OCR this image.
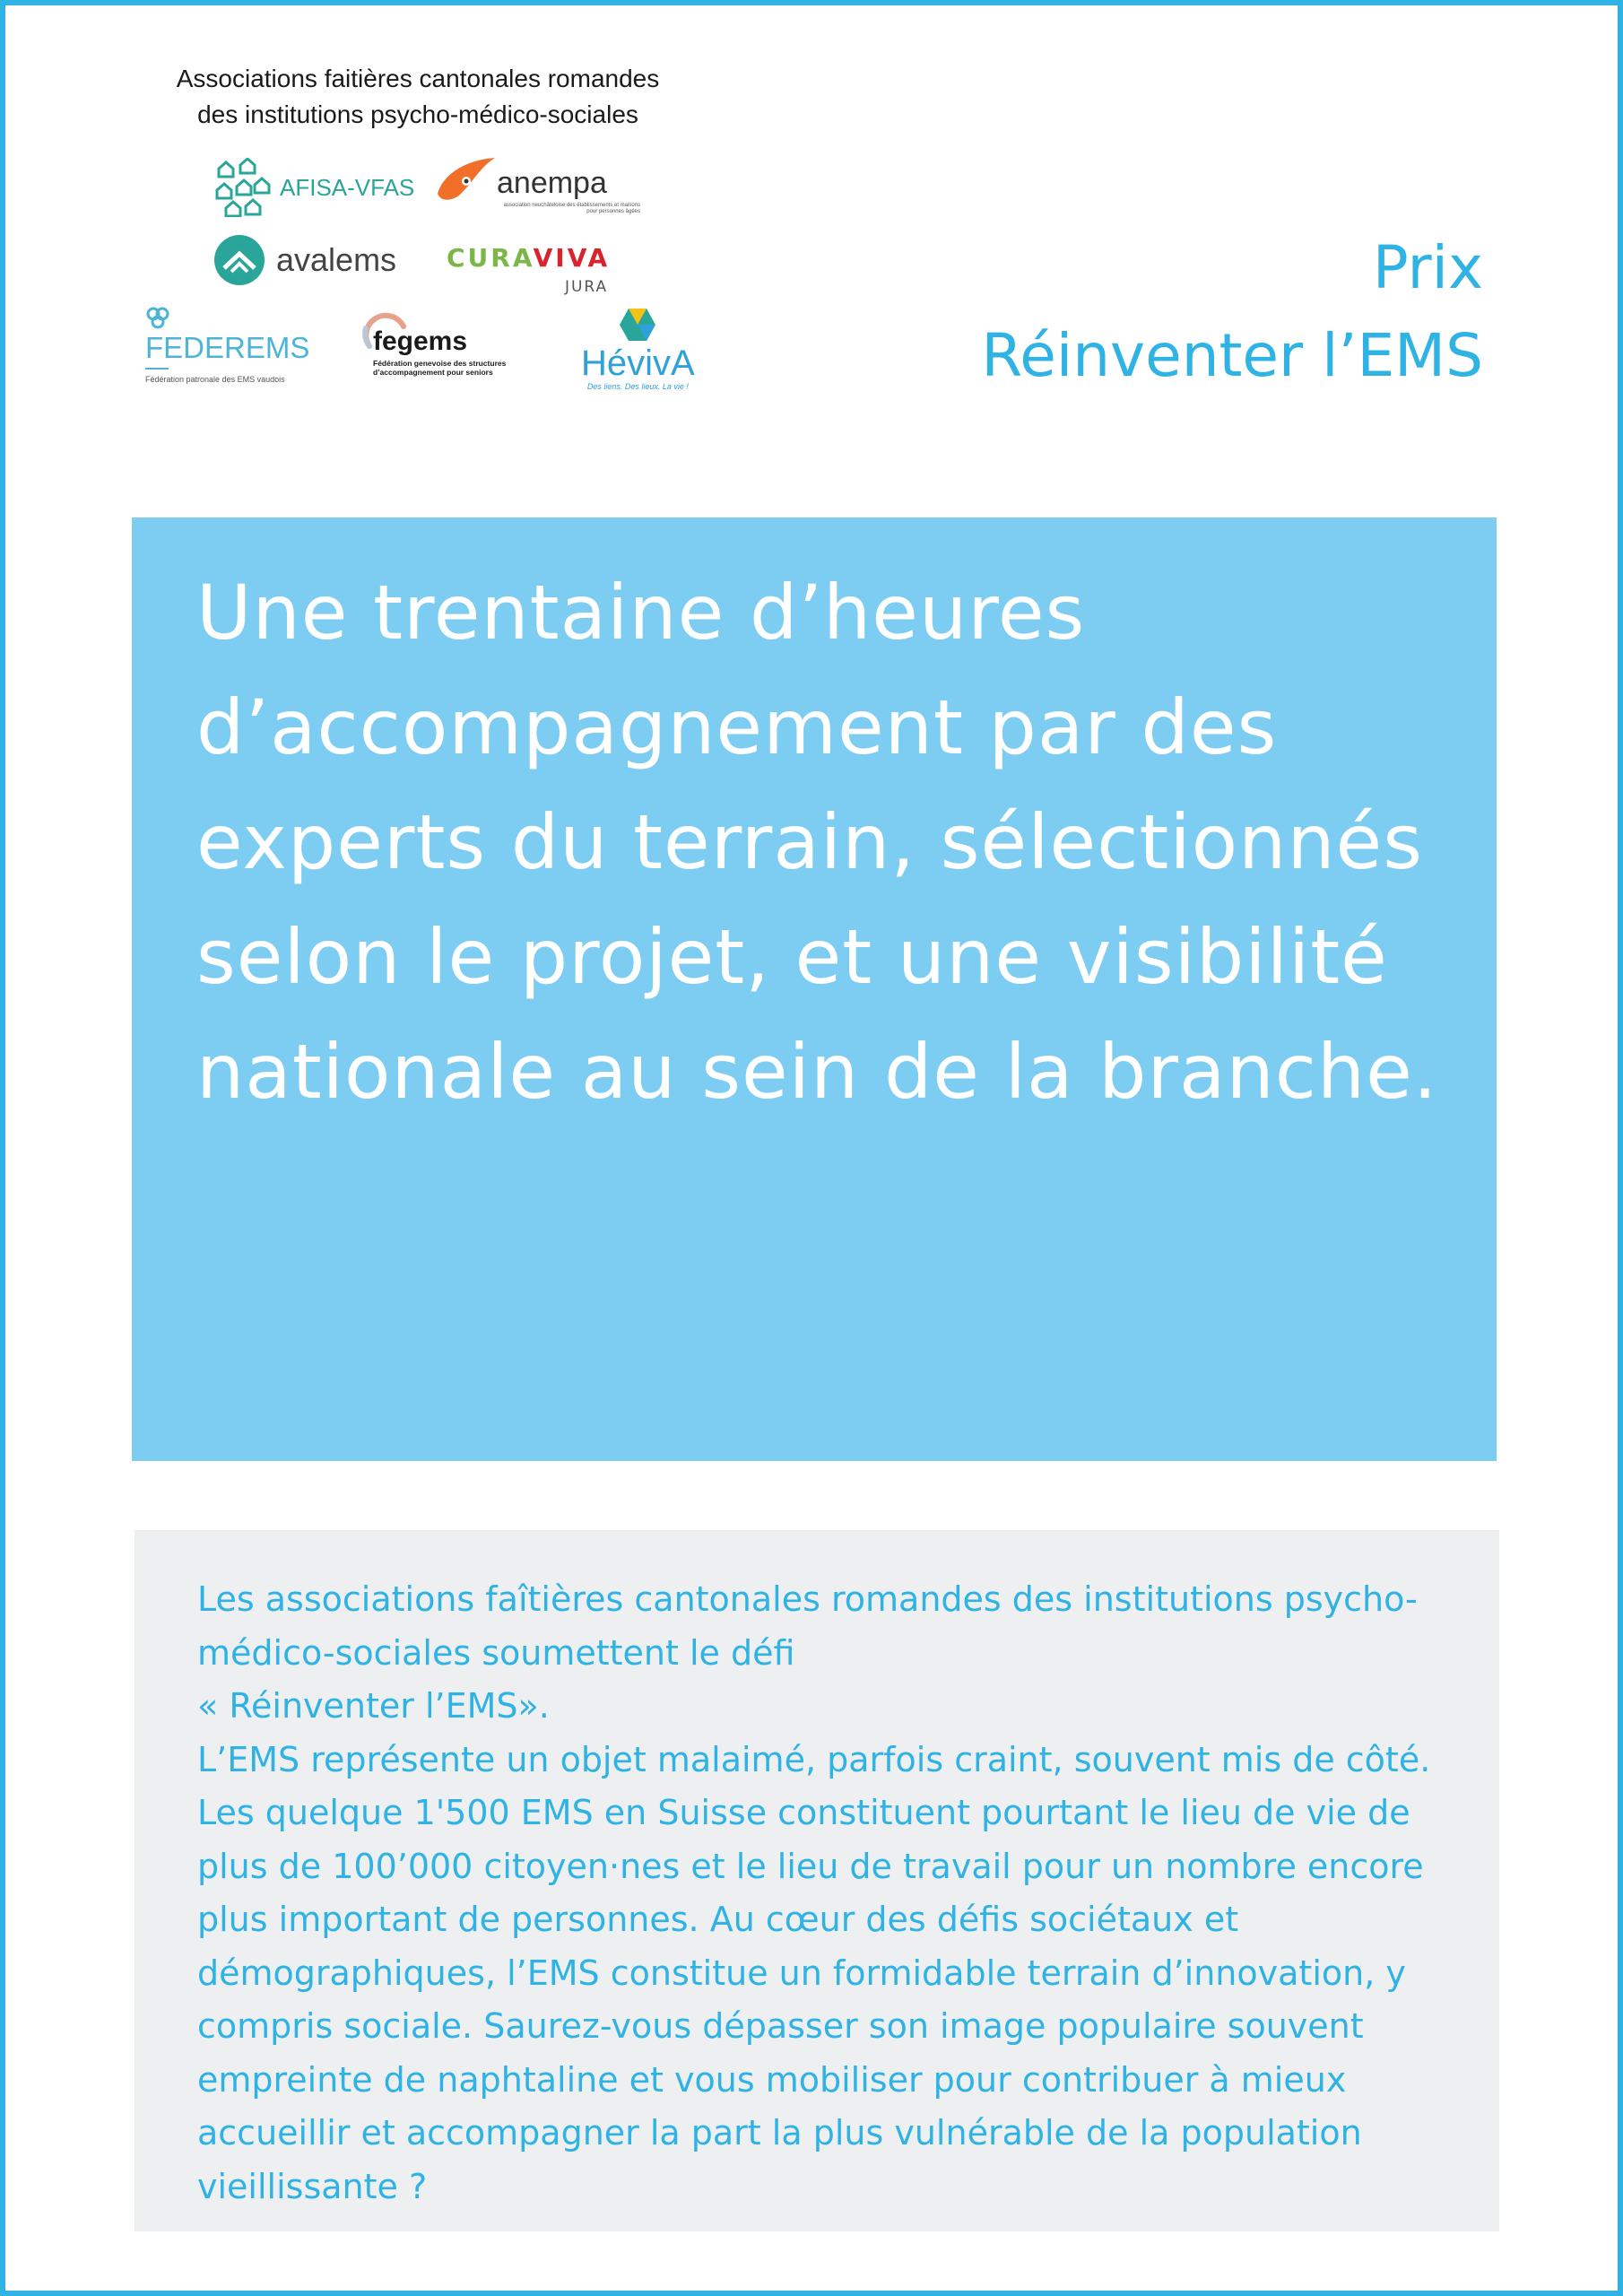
Associations faitières cantonales romandes
des institutions psycho-médico-sociales
AFISA-VFAS	anempa
association neuchâteloise des établissements et maisons pour personnes âgées
avalems CURAVIVA
JURA
FEDEREMS
Fédération patronale des EMS vaudois
fegems
Fédération genevoise des structures d’accompagnement pour seniors	HévivA
Des liens. Des lieux. La vie !
Prix
Réinventer l’EMS

Une trentaine d’heures d’accompagnement par des experts du terrain, sélectionnés selon le projet, et une visibilité nationale au sein de la branche.

Les associations faîtières cantonales romandes des institutions psycho-médico-sociales soumettent le défi
« Réinventer l’EMS».
L’EMS représente un objet malaimé, parfois craint, souvent mis de côté. Les quelque 1'500 EMS en Suisse constituent pourtant le lieu de vie de plus de 100’000 citoyen·nes et le lieu de travail pour un nombre encore plus important de personnes. Au cœur des défis sociétaux et démographiques, l’EMS constitue un formidable terrain d’innovation, y compris sociale. Saurez-vous dépasser son image populaire souvent empreinte de naphtaline et vous mobiliser pour contribuer à mieux accueillir et accompagner la part la plus vulnérable de la population vieillissante ?
